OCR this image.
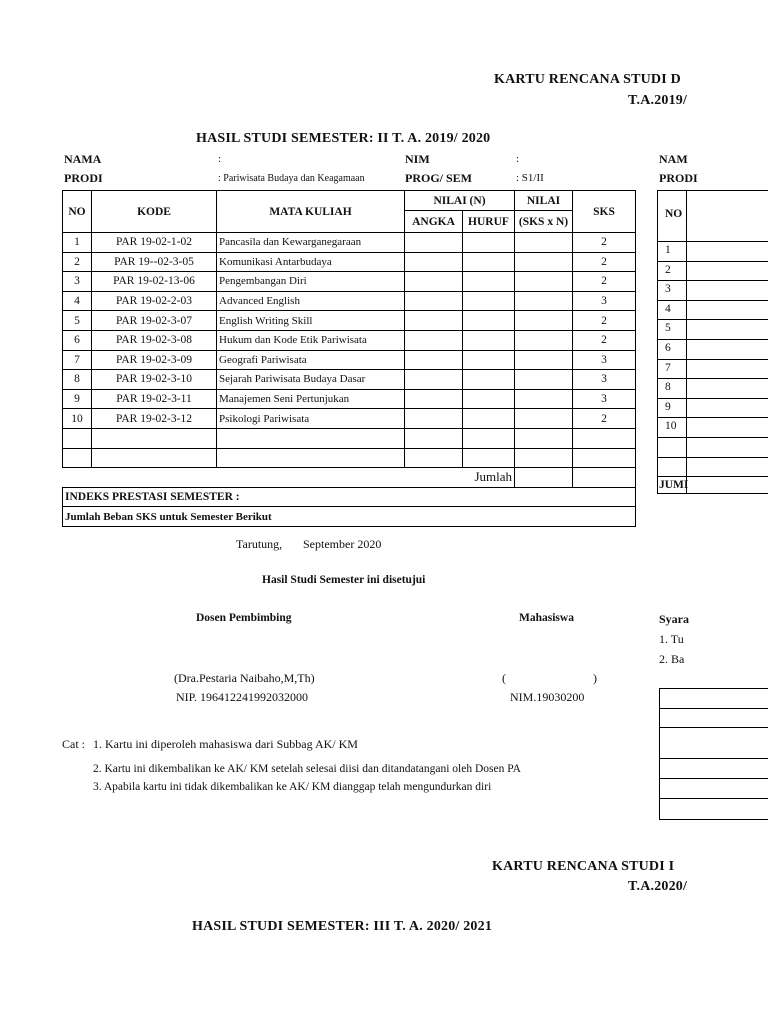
KARTU RENCANA STUDI D
T.A.2019/
HASIL STUDI SEMESTER: II T. A. 2019/ 2020
NAMA	:	NIM	:	NAM
PRODI	: Pariwisata Budaya dan Keagamaan	PROG/ SEM	: S1/II	PRODI
NO	KODE	MATA KULIAH	NILAI (N)		NILAI	SKS
			ANGKA	HURUF	(SKS x N)	
1	PAR 19-02-1-02	Pancasila dan Kewarganegaraan				2
2	PAR 19--02-3-05	Komunikasi Antarbudaya				2
3	PAR 19-02-13-06	Pengembangan Diri				2
4	PAR 19-02-2-03	Advanced English				3
5	PAR 19-02-3-07	English Writing Skill				2
6	PAR 19-02-3-08	Hukum dan Kode Etik Pariwisata				2
7	PAR 19-02-3-09	Geografi Pariwisata				3
8	PAR 19-02-3-10	Sejarah Pariwisata Budaya Dasar				3
9	PAR 19-02-3-11	Manajemen Seni Pertunjukan				3
10	PAR 19-02-3-12	Psikologi Pariwisata				2

Jumlah						
INDEKS PRESTASI SEMESTER :						
Jumlah Beban SKS untuk Semester Berikut						
NO
1
2
3
4
5
6
7
8
9
10
JUMI
Tarutung, September 2020
Hasil Studi Semester ini disetujui
Dosen Pembimbing	Mahasiswa	Syara
1. Tu
2. Ba
(Dra.Pestaria Naibaho,M,Th)
NIP. 196412241992032000
(	)
NIM.19030200
Cat : 1. Kartu ini diperoleh mahasiswa dari Subbag AK/ KM
2. Kartu ini dikembalikan ke AK/ KM setelah selesai diisi dan ditandatangani oleh Dosen PA
3. Apabila kartu ini tidak dikembalikan ke AK/ KM dianggap telah mengundurkan diri
KARTU RENCANA STUDI I
T.A.2020/
HASIL STUDI SEMESTER: III T. A. 2020/ 2021
